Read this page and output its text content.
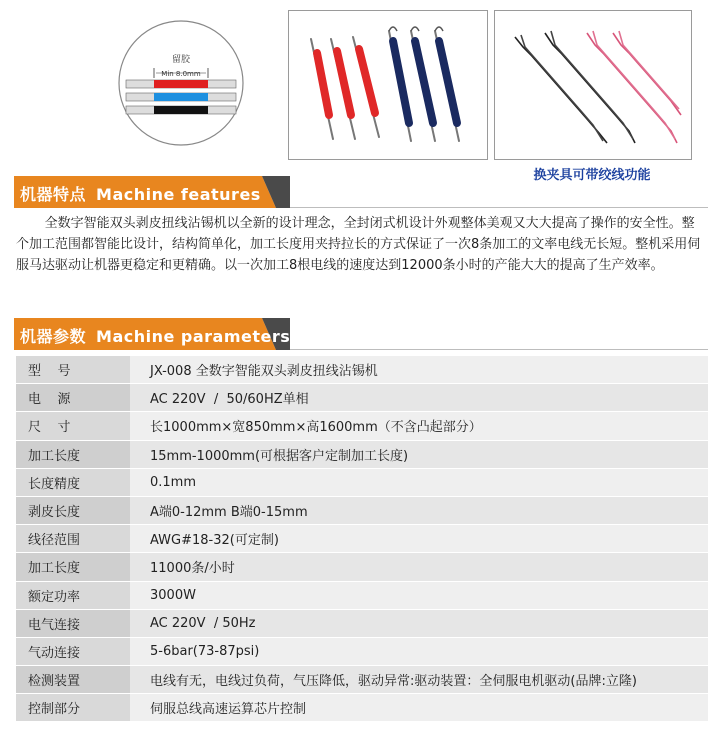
留胶
Min 8.0mm
换夹具可带绞线功能
机器特点 Machine features
全数字智能双头剥皮扭线沾锡机以全新的设计理念，全封闭式机设计外观整体美观又大大提高了操作的安全性。整个加工范围都智能比设计，结构简单化，加工长度用夹持拉长的方式保证了一次8条加工的文率电线无长短。整机采用伺服马达驱动让机器更稳定和更精确。以一次加工8根电线的速度达到12000条小时的产能大大的提高了生产效率。
机器参数 Machine parameters
型    号	JX-008 全数字智能双头剥皮扭线沾锡机
电    源	AC 220V  /  50/60HZ单相
尺    寸	长1000mm×宽850mm×高1600mm（不含凸起部分）
加工长度	15mm-1000mm(可根据客户定制加工长度)
长度精度	0.1mm
剥皮长度	A端0-12mm B端0-15mm
线径范围	AWG#18-32(可定制)
加工长度	11000条/小时
额定功率	3000W
电气连接	AC 220V  / 50Hz
气动连接	5-6bar(73-87psi)
检测装置	电线有无，电线过负荷，气压降低，驱动异常:驱动装置：全伺服电机驱动(品牌:立隆)
控制部分	伺服总线高速运算芯片控制
